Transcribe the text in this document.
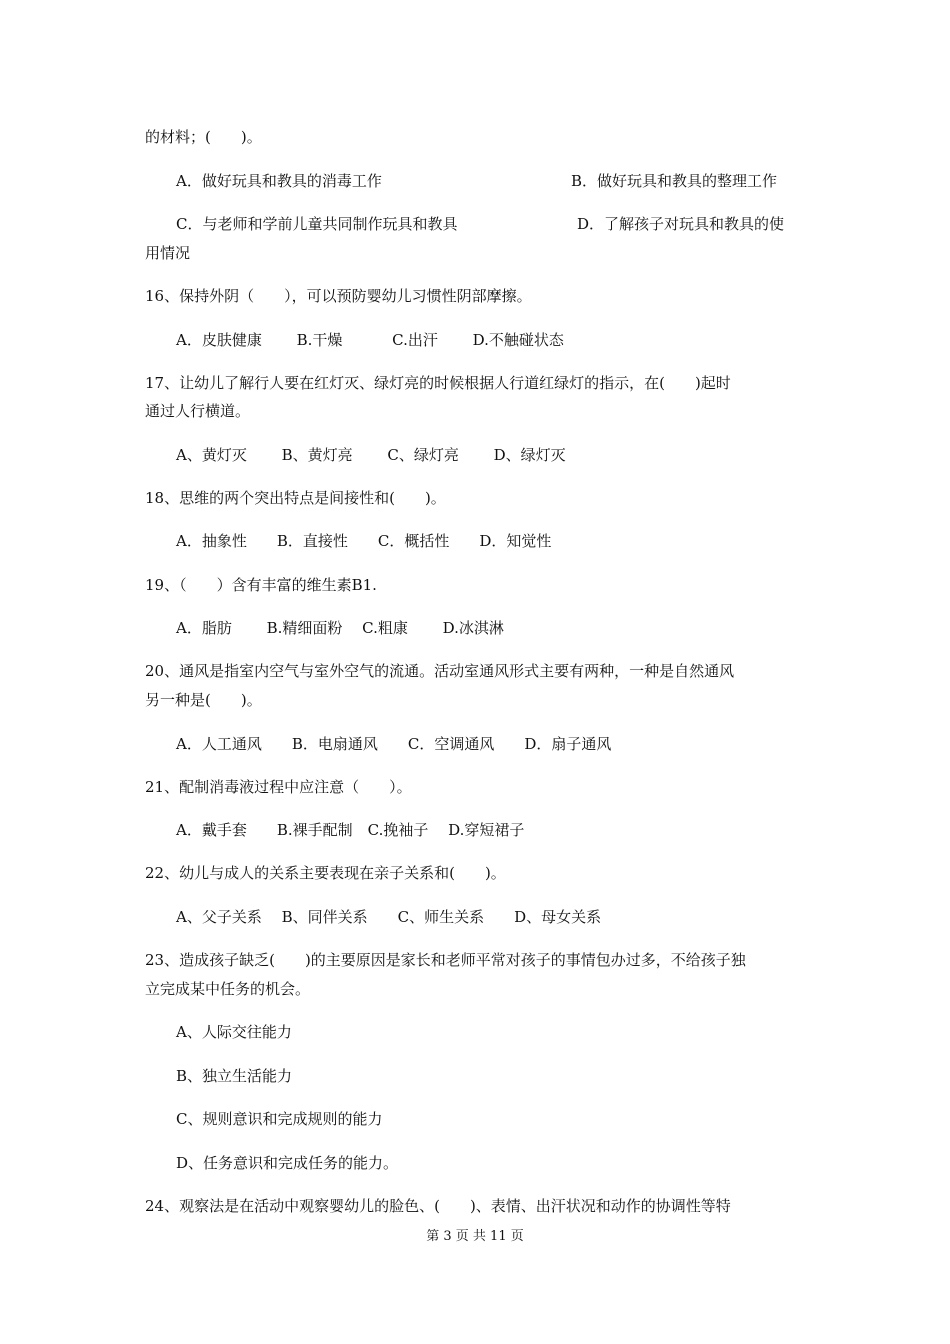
的材料；(　　)。
A．做好玩具和教具的消毒工作	B．做好玩具和教具的整理工作
C．与老师和学前儿童共同制作玩具和教具	D．了解孩子对玩具和教具的使
用情况
16、保持外阴（　　），可以预防婴幼儿习惯性阴部摩擦。
A．皮肤健康　　 B.干燥　　　 C.出汗　　 D.不触碰状态
17、让幼儿了解行人要在红灯灭、绿灯亮的时候根据人行道红绿灯的指示，在(　　)起时
通过人行横道。
A、黄灯灭　　 B、黄灯亮　　 C、绿灯亮　　 D、绿灯灭
18、思维的两个突出特点是间接性和(　　)。
A．抽象性　　B．直接性　　C．概括性　　D．知觉性
19、（　　）含有丰富的维生素B1.
A．脂肪　　 B.精细面粉　 C.粗康　　 D.冰淇淋
20、通风是指室内空气与室外空气的流通。活动室通风形式主要有两种，一种是自然通风
另一种是(　　)。
A．人工通风　　B．电扇通风　　C．空调通风　　D．扇子通风
21、配制消毒液过程中应注意（　　）。
A．戴手套　　B.裸手配制　C.挽袖子　 D.穿短裙子
22、幼儿与成人的关系主要表现在亲子关系和(　　)。
A、父子关系　 B、同伴关系　　C、师生关系　　D、母女关系
23、造成孩子缺乏(　　)的主要原因是家长和老师平常对孩子的事情包办过多，不给孩子独
立完成某中任务的机会。
A、人际交往能力
B、独立生活能力
C、规则意识和完成规则的能力
D、任务意识和完成任务的能力。
24、观察法是在活动中观察婴幼儿的脸色、(　　)、表情、出汗状况和动作的协调性等特
第 3 页 共 11 页
